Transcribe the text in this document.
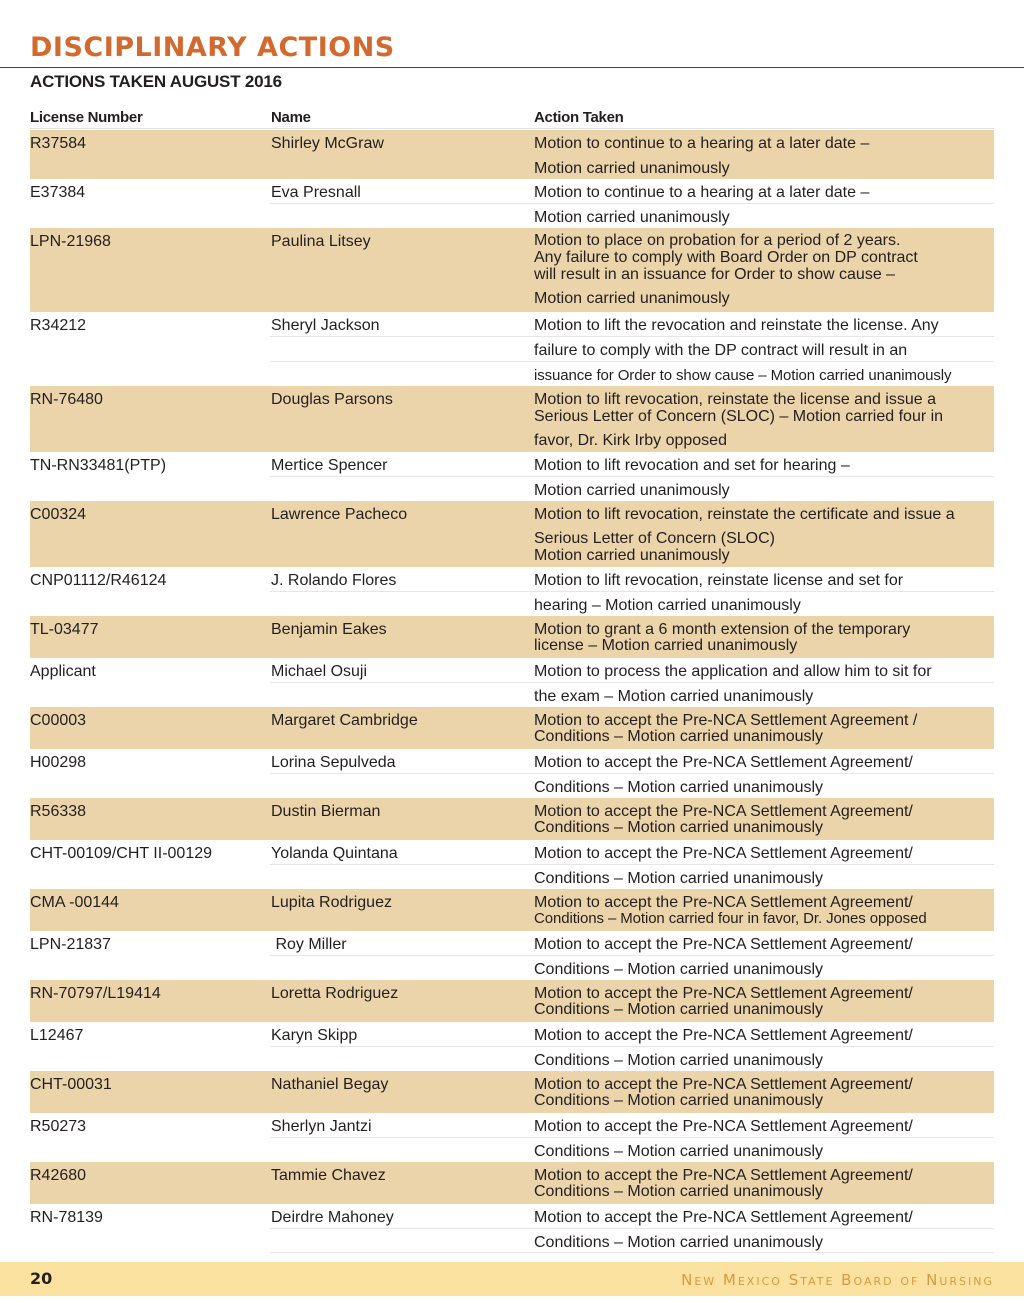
DISCIPLINARY ACTIONS
ACTIONS TAKEN AUGUST 2016
License Number	Name	Action Taken
R37584	Shirley McGraw	Motion to continue to a hearing at a later date –
Motion carried unanimously
E37384	Eva Presnall	Motion to continue to a hearing at a later date –
Motion carried unanimously
LPN-21968	Paulina Litsey	Motion to place on probation for a period of 2 years.
Any failure to comply with Board Order on DP contract
will result in an issuance for Order to show cause –
Motion carried unanimously
R34212	Sheryl Jackson	Motion to lift the revocation and reinstate the license. Any
failure to comply with the DP contract will result in an
issuance for Order to show cause – Motion carried unanimously
RN-76480	Douglas Parsons	Motion to lift revocation, reinstate the license and issue a
Serious Letter of Concern (SLOC) – Motion carried four in
favor, Dr. Kirk Irby opposed
TN-RN33481(PTP)	Mertice Spencer	Motion to lift revocation and set for hearing –
Motion carried unanimously
C00324	Lawrence Pacheco	Motion to lift revocation, reinstate the certificate and issue a
Serious Letter of Concern (SLOC)
Motion carried unanimously
CNP01112/R46124	J. Rolando Flores	Motion to lift revocation, reinstate license and set for
hearing – Motion carried unanimously
TL-03477	Benjamin Eakes	Motion to grant a 6 month extension of the temporary
license – Motion carried unanimously
Applicant	Michael Osuji	Motion to process the application and allow him to sit for
the exam – Motion carried unanimously
C00003	Margaret Cambridge	Motion to accept the Pre-NCA Settlement Agreement /
Conditions – Motion carried unanimously
H00298	Lorina Sepulveda	Motion to accept the Pre-NCA Settlement Agreement/
Conditions – Motion carried unanimously
R56338	Dustin Bierman	Motion to accept the Pre-NCA Settlement Agreement/
Conditions – Motion carried unanimously
CHT-00109/CHT II-00129	Yolanda Quintana	Motion to accept the Pre-NCA Settlement Agreement/
Conditions – Motion carried unanimously
CMA -00144	Lupita Rodriguez	Motion to accept the Pre-NCA Settlement Agreement/
Conditions – Motion carried four in favor, Dr. Jones opposed
LPN-21837	Roy Miller	Motion to accept the Pre-NCA Settlement Agreement/
Conditions – Motion carried unanimously
RN-70797/L19414	Loretta Rodriguez	Motion to accept the Pre-NCA Settlement Agreement/
Conditions – Motion carried unanimously
L12467	Karyn Skipp	Motion to accept the Pre-NCA Settlement Agreement/
Conditions – Motion carried unanimously
CHT-00031	Nathaniel Begay	Motion to accept the Pre-NCA Settlement Agreement/
Conditions – Motion carried unanimously
R50273	Sherlyn Jantzi	Motion to accept the Pre-NCA Settlement Agreement/
Conditions – Motion carried unanimously
R42680	Tammie Chavez	Motion to accept the Pre-NCA Settlement Agreement/
Conditions – Motion carried unanimously
RN-78139	Deirdre Mahoney	Motion to accept the Pre-NCA Settlement Agreement/
Conditions – Motion carried unanimously
20	New Mexico State Board of Nursing
